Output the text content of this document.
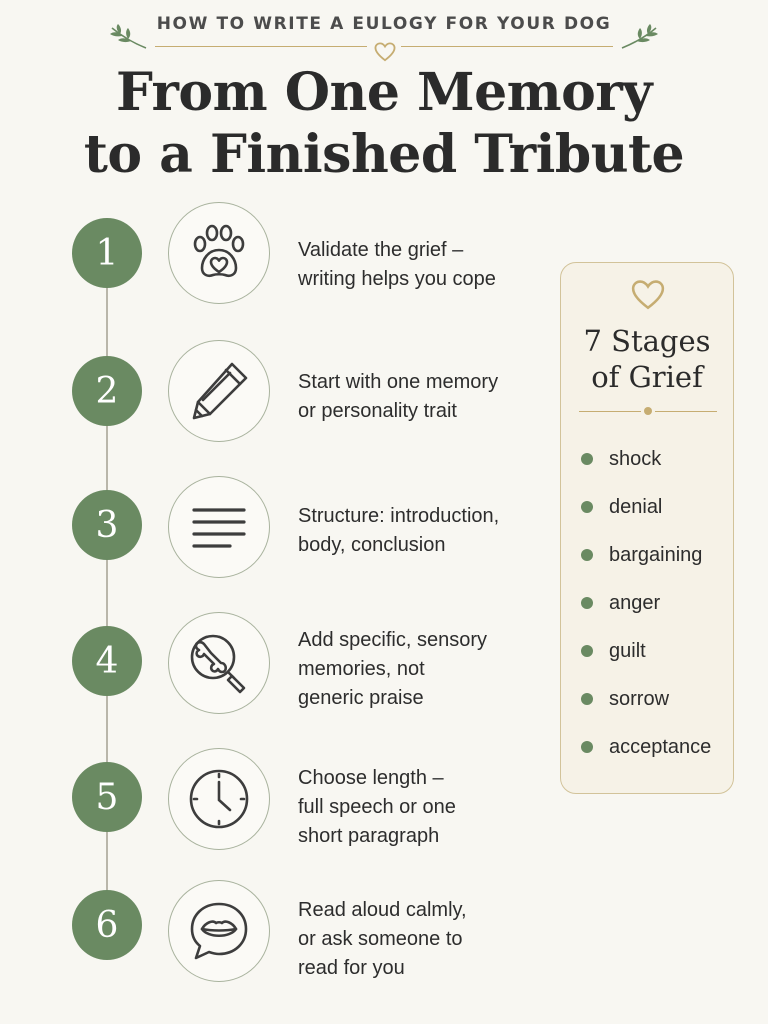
HOW TO WRITE A EULOGY FOR YOUR DOG
From One Memory
to a Finished Tribute
1	Validate the grief –
writing helps you cope
2	Start with one memory
or personality trait
3	Structure: introduction,
body, conclusion
4
Add specific, sensory
memories, not
generic praise
5	Choose length –
full speech or one
short paragraph
6	Read aloud calmly,
or ask someone to
read for you
7 Stages
of Grief
shock
denial
bargaining
anger
guilt
sorrow
acceptance
